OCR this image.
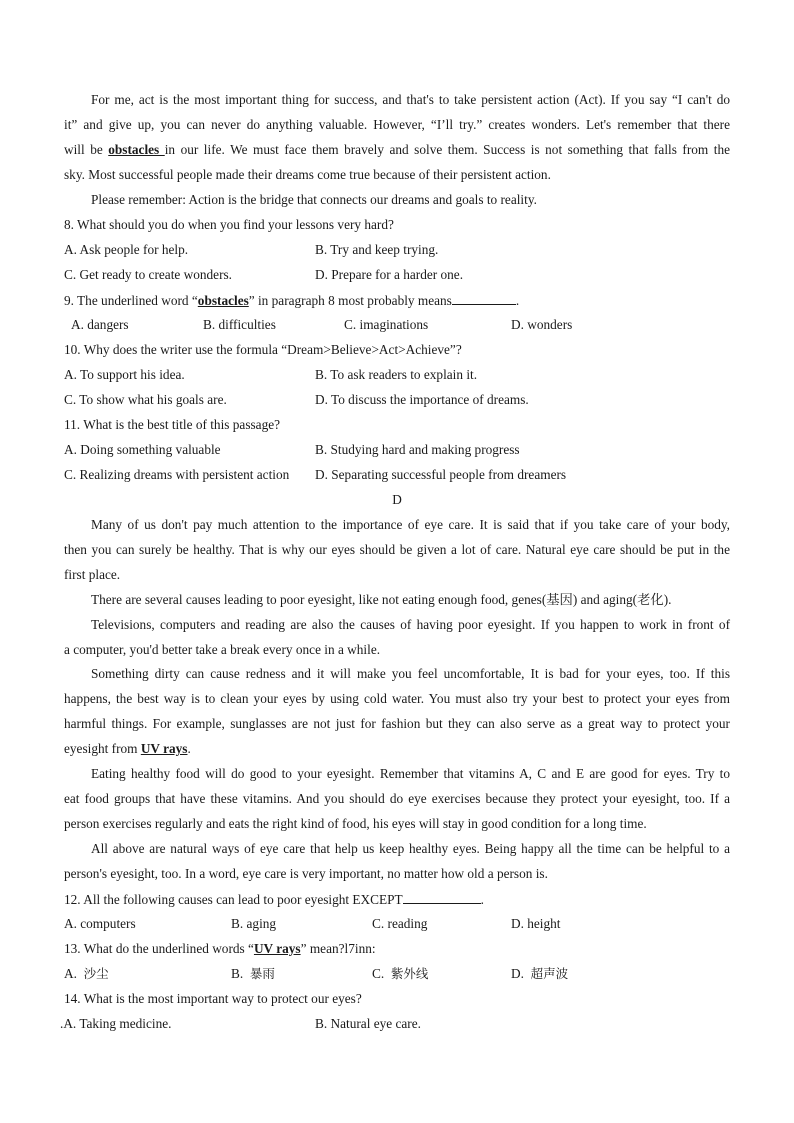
For me, act is the most important thing for success, and that's to take persistent action (Act). If you say “I can't do
it” and give up, you can never do anything valuable. However, “I’ll try.” creates wonders. Let's remember that there
will be obstacles in our life. We must face them bravely and solve them. Success is not something that falls from the
sky. Most successful people made their dreams come true because of their persistent action.
Please remember: Action is the bridge that connects our dreams and goals to reality.
8. What should you do when you find your lessons very hard?
A. Ask people for help.	B. Try and keep trying.
C. Get ready to create wonders.	D. Prepare for a harder one.
9. The underlined word “obstacles” in paragraph 8 most probably means	.
A. dangers	B. difficulties	C. imaginations	D. wonders
10. Why does the writer use the formula “Dream>Believe>Act>Achieve”?
A. To support his idea.	B. To ask readers to explain it.
C. To show what his goals are.	D. To discuss the importance of dreams.
11. What is the best title of this passage?
A. Doing something valuable	B. Studying hard and making progress
C. Realizing dreams with persistent action D. Separating successful people from dreamers
D
Many of us don't pay much attention to the importance of eye care. It is said that if you take care of your body,
then you can surely be healthy. That is why our eyes should be given a lot of care. Natural eye care should be put in the
first place.
There are several causes leading to poor eyesight, like not eating enough food, genes(基因) and aging(老化).
Televisions, computers and reading are also the causes of having poor eyesight. If you happen to work in front of
a computer, you'd better take a break every once in a while.
Something dirty can cause redness and it will make you feel uncomfortable, It is bad for your eyes, too. If this
happens, the best way is to clean your eyes by using cold water. You must also try your best to protect your eyes from
harmful things. For example, sunglasses are not just for fashion but they can also serve as a great way to protect your
eyesight from UV rays.
Eating healthy food will do good to your eyesight. Remember that vitamins A, C and E are good for eyes. Try to
eat food groups that have these vitamins. And you should do eye exercises because they protect your eyesight, too. If a
person exercises regularly and eats the right kind of food, his eyes will stay in good condition for a long time.
All above are natural ways of eye care that help us keep healthy eyes. Being happy all the time can be helpful to a
person's eyesight, too. In a word, eye care is very important, no matter how old a person is.
12. All the following causes can lead to poor eyesight EXCEPT	.
A. computers	B. aging	C. reading	D. height
13. What do the underlined words “UV rays” mean?l7inn:
A. 沙尘	B. 暴雨	C. 紫外线	D. 超声波
14. What is the most important way to protect our eyes?
.A. Taking medicine.	B. Natural eye care.
